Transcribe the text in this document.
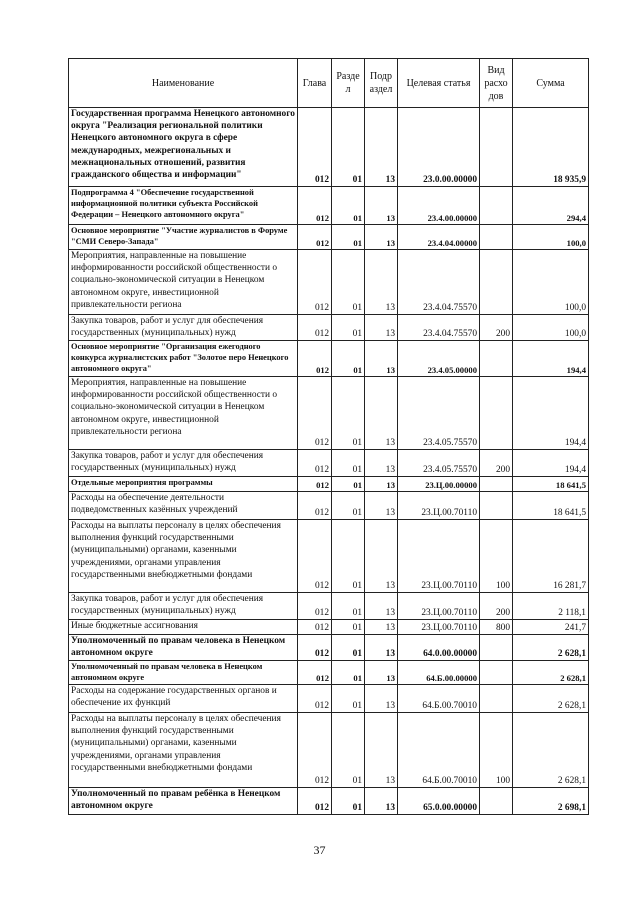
Наименование	Глава	Разде л	Подр аздел	Целевая статья	Вид расхо дов	Сумма
Государственная программа Ненецкого автономного округа "Реализация региональной политики Ненецкого автономного округа в сфере международных, межрегиональных и межнациональных отношений, развития гражданского общества и информации"	012	01	13	23.0.00.00000		18 935,9
Подпрограмма 4 "Обеспечение государственной информационной политики субъекта Российской Федерации – Ненецкого автономного округа"	012	01	13	23.4.00.00000		294,4
Основное мероприятие "Участие журналистов в Форуме "СМИ Северо-Запада"	012	01	13	23.4.04.00000		100,0
Мероприятия, направленные на повышение информированности российской общественности о социально-экономической ситуации в Ненецком автономном округе, инвестиционной привлекательности региона	012	01	13	23.4.04.75570		100,0
Закупка товаров, работ и услуг для обеспечения государственных (муниципальных) нужд	012	01	13	23.4.04.75570	200	100,0
Основное мероприятие "Организация ежегодного конкурса журналистских работ "Золотое перо Ненецкого автономного округа"	012	01	13	23.4.05.00000		194,4
Мероприятия, направленные на повышение информированности российской общественности о социально-экономической ситуации в Ненецком автономном округе, инвестиционной привлекательности региона	012	01	13	23.4.05.75570		194,4
Закупка товаров, работ и услуг для обеспечения государственных (муниципальных) нужд	012	01	13	23.4.05.75570	200	194,4
Отдельные мероприятия программы	012	01	13	23.Ц.00.00000		18 641,5
Расходы на обеспечение деятельности подведомственных казённых учреждений	012	01	13	23.Ц.00.70110		18 641,5
Расходы на выплаты персоналу в целях обеспечения выполнения функций государственными (муниципальными) органами, казенными учреждениями, органами управления государственными внебюджетными фондами	012	01	13	23.Ц.00.70110	100	16 281,7
Закупка товаров, работ и услуг для обеспечения государственных (муниципальных) нужд	012	01	13	23.Ц.00.70110	200	2 118,1
Иные бюджетные ассигнования	012	01	13	23.Ц.00.70110	800	241,7
Уполномоченный по правам человека в Ненецком автономном округе	012	01	13	64.0.00.00000		2 628,1
Уполномоченный по правам человека в Ненецком автономном округе	012	01	13	64.Б.00.00000		2 628,1
Расходы на содержание государственных органов и обеспечение их функций	012	01	13	64.Б.00.70010		2 628,1
Расходы на выплаты персоналу в целях обеспечения выполнения функций государственными (муниципальными) органами, казенными учреждениями, органами управления государственными внебюджетными фондами	012	01	13	64.Б.00.70010	100	2 628,1
Уполномоченный по правам ребёнка в Ненецком автономном округе	012	01	13	65.0.00.00000		2 698,1
37
